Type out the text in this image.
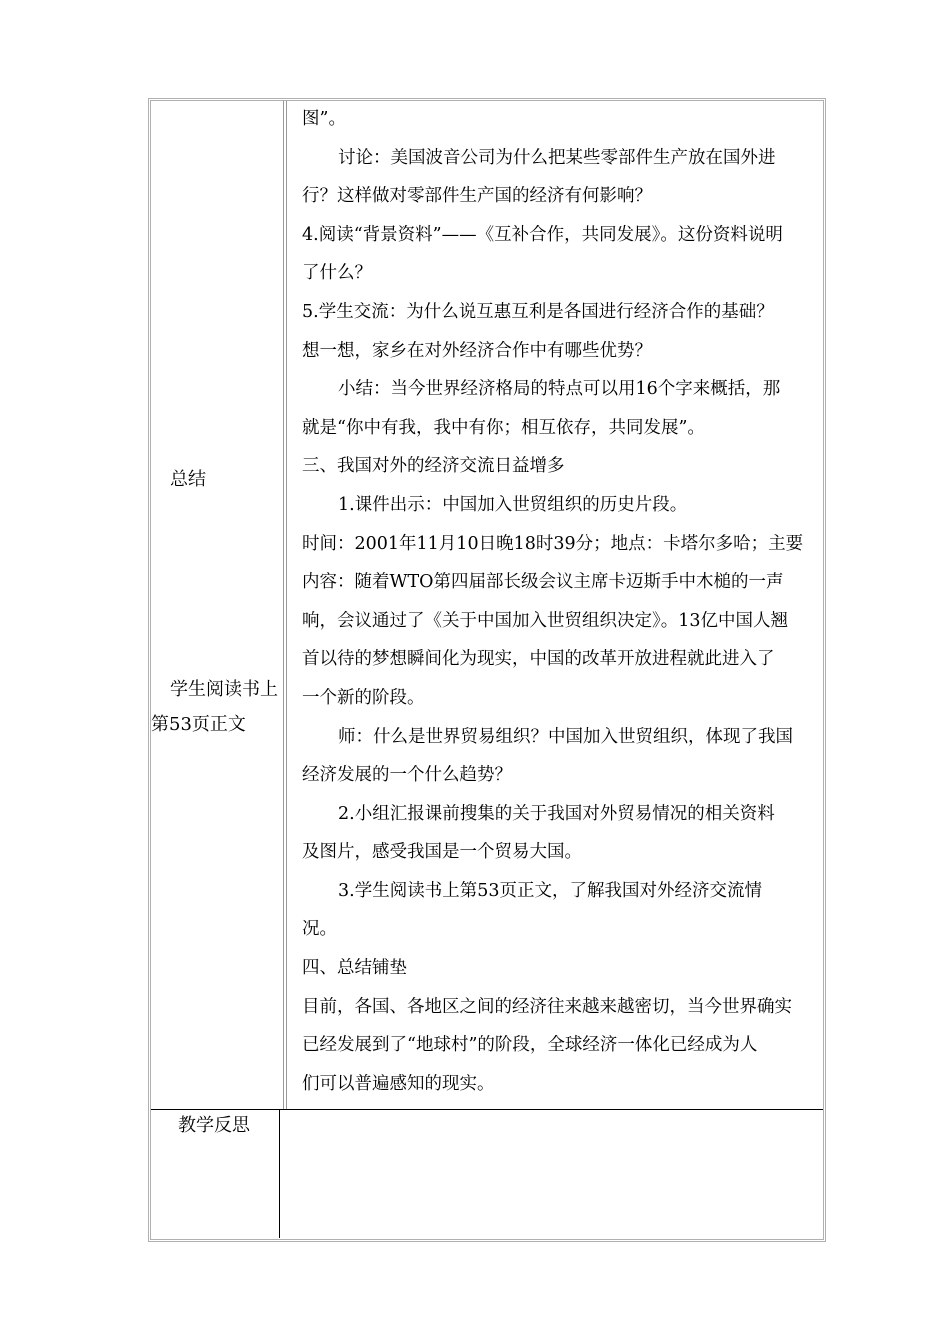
总结
学生阅读书上
第53页正文

图”。

讨论：美国波音公司为什么把某些零部件生产放在国外进

行？这样做对零部件生产国的经济有何影响？

4.阅读“背景资料”——《互补合作，共同发展》。这份资料说明

了什么？

5.学生交流：为什么说互惠互利是各国进行经济合作的基础？

想一想，家乡在对外经济合作中有哪些优势？

小结：当今世界经济格局的特点可以用16个字来概括，那

就是“你中有我，我中有你；相互依存，共同发展”。

三、我国对外的经济交流日益增多

1.课件出示：中国加入世贸组织的历史片段。

时间：2001年11月10日晚18时39分；地点：卡塔尔多哈；主要

内容：随着WTO第四届部长级会议主席卡迈斯手中木槌的一声

响，会议通过了《关于中国加入世贸组织决定》。13亿中国人翘

首以待的梦想瞬间化为现实，中国的改革开放进程就此进入了

一个新的阶段。

师：什么是世界贸易组织？中国加入世贸组织，体现了我国

经济发展的一个什么趋势？

2.小组汇报课前搜集的关于我国对外贸易情况的相关资料

及图片，感受我国是一个贸易大国。

3.学生阅读书上第53页正文，了解我国对外经济交流情

况。

四、总结铺垫

目前，各国、各地区之间的经济往来越来越密切，当今世界确实

已经发展到了“地球村”的阶段，全球经济一体化已经成为人

们可以普遍感知的现实。

教学反思
